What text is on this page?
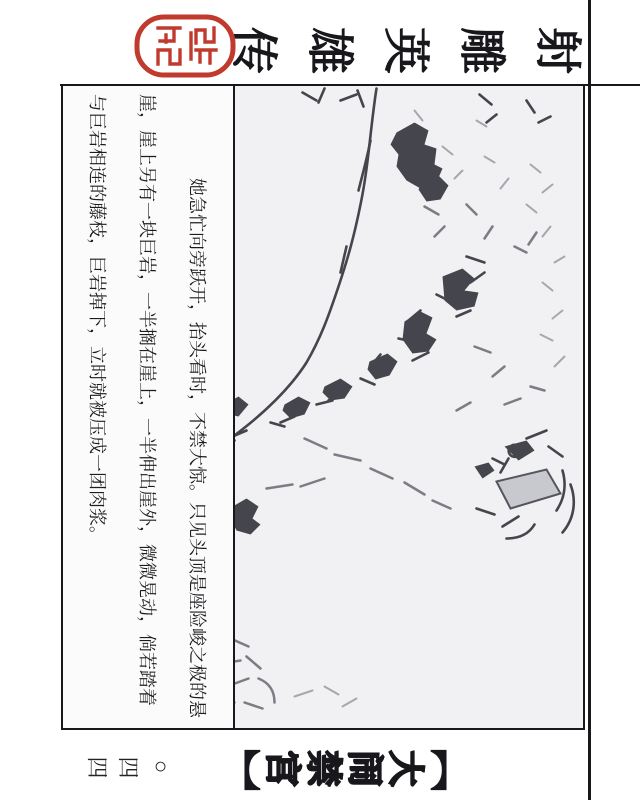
射雕英雄传

她急忙向旁跃开，抬头看时，不禁大惊。只见头顶是座险峻之极的悬

崖，崖上另有一块巨岩，一半搁在崖上，一半伸出崖外，微微晃动，倘若踏着

与巨岩相连的藤枝，巨岩掉下，立时就被压成一团肉浆。

【大闹禁宫】
○四四
